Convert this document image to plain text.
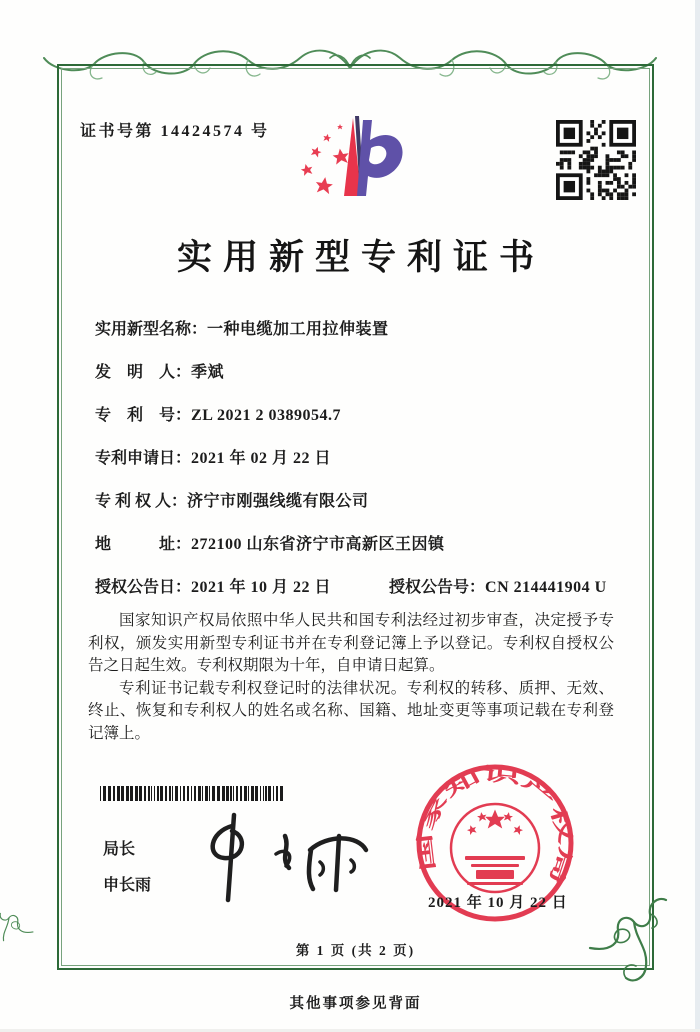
证书号第 14424574 号
实用新型专利证书
实用新型名称： 一种电缆加工用拉伸装置
发　明　人： 季斌
专　利　号： ZL 2021 2 0389054.7
专利申请日： 2021 年 02 月 22 日
专 利 权 人： 济宁市刚强线缆有限公司
地　　　址： 272100 山东省济宁市高新区王因镇
授权公告日： 2021 年 10 月 22 日	授权公告号： CN 214441904 U

国家知识产权局依照中华人民共和国专利法经过初步审查，决定授予专利权，颁发实用新型专利证书并在专利登记簿上予以登记。专利权自授权公告之日起生效。专利权期限为十年，自申请日起算。

专利证书记载专利权登记时的法律状况。专利权的转移、质押、无效、终止、恢复和专利权人的姓名或名称、国籍、地址变更等事项记载在专利登记簿上。

局长
申长雨
国家知识产权局
2021 年 10 月 22 日
第 1 页 (共 2 页)
其他事项参见背面
